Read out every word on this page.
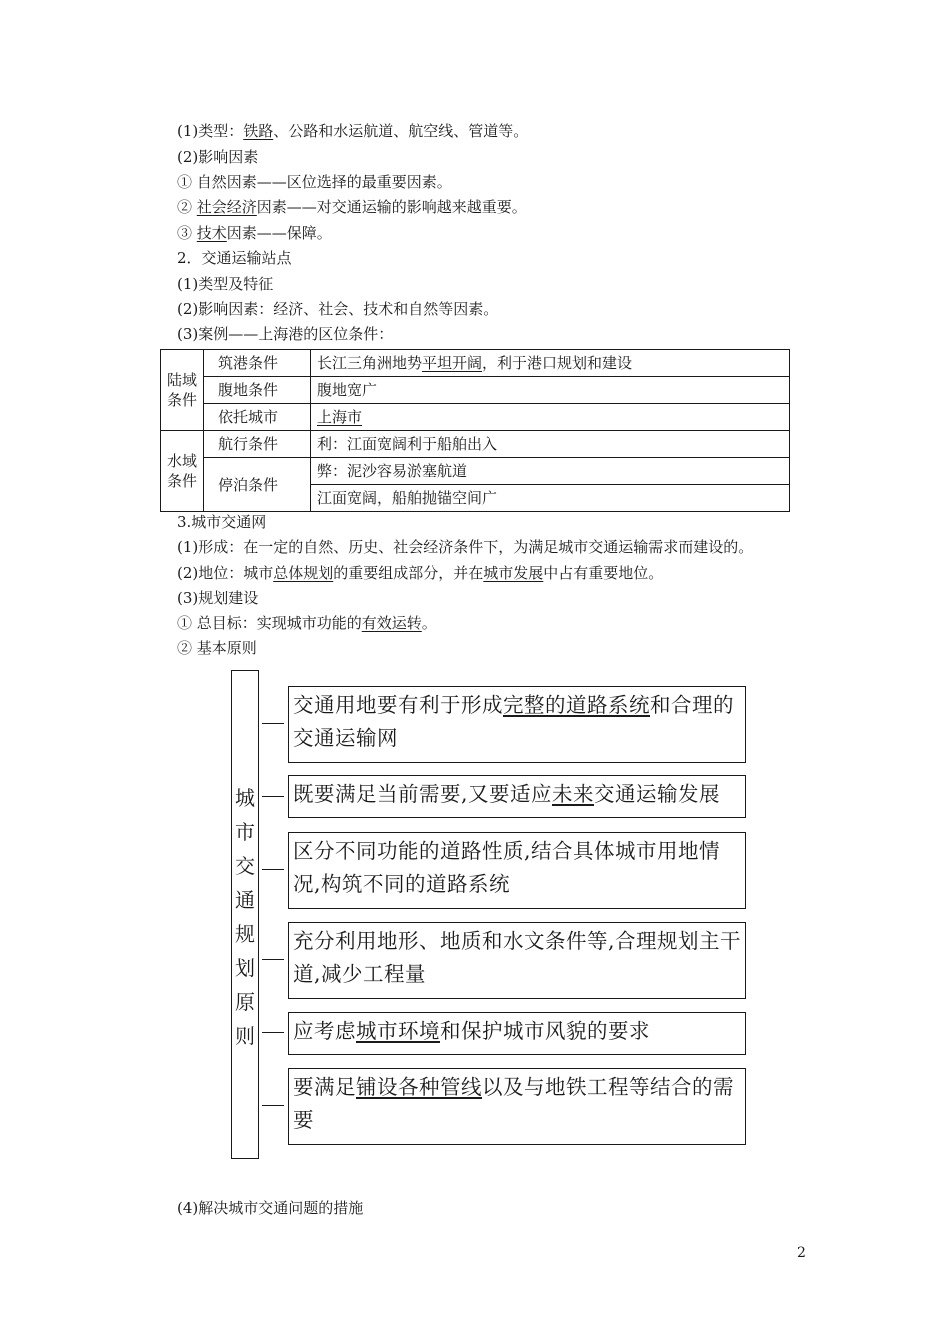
(1)类型：铁路、公路和水运航道、航空线、管道等。
(2)影响因素
① 自然因素——区位选择的最重要因素。
② 社会经济因素——对交通运输的影响越来越重要。
③ 技术因素——保障。
2．交通运输站点
(1)类型及特征
(2)影响因素：经济、社会、技术和自然等因素。
(3)案例——上海港的区位条件：
陆域
条件	筑港条件	长江三角洲地势平坦开阔，利于港口规划和建设
	腹地条件	腹地宽广
	依托城市	上海市
水域
条件	航行条件	利：江面宽阔利于船舶出入
	停泊条件	弊：泥沙容易淤塞航道
		江面宽阔，船舶抛锚空间广
3.城市交通网
(1)形成：在一定的自然、历史、社会经济条件下，为满足城市交通运输需求而建设的。
(2)地位：城市总体规划的重要组成部分，并在城市发展中占有重要地位。
(3)规划建设
① 总目标：实现城市功能的有效运转。
② 基本原则
城
市
交
通
规
划
原
则
交通用地要有利于形成完整的道路系统和合理的交通运输网
既要满足当前需要,又要适应未来交通运输发展
区分不同功能的道路性质,结合具体城市用地情况,构筑不同的道路系统
充分利用地形、地质和水文条件等,合理规划主干道,减少工程量
应考虑城市环境和保护城市风貌的要求
要满足铺设各种管线以及与地铁工程等结合的需要
(4)解决城市交通问题的措施
2
